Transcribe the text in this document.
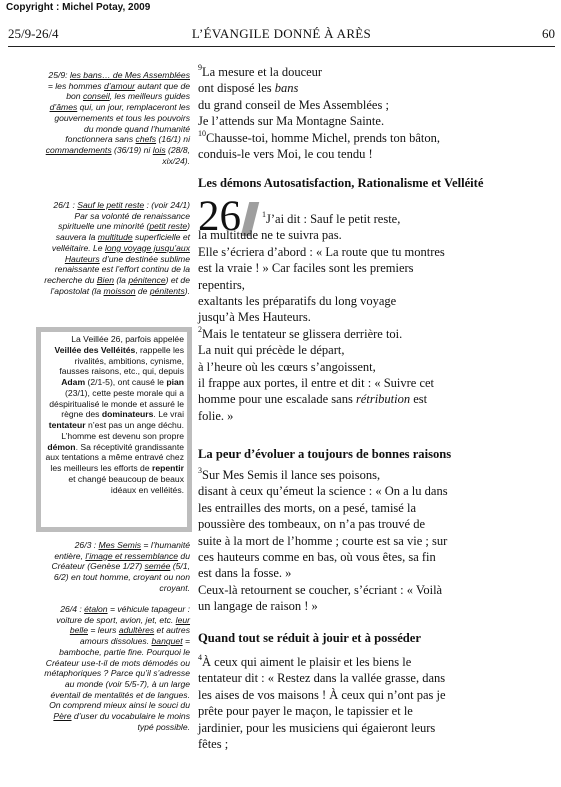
Copyright : Michel Potay, 2009
25/9-26/4	L’ÉVANGILE DONNÉ À ARÈS	60
25/9: les bans… de Mes Assemblées = les hommes d’amour autant que de bon conseil, les meilleurs guides d’âmes qui, un jour, remplaceront les gouvernements et tous les pouvoirs du monde quand l’humanité fonctionnera sans chefs (16/1) ni commandements (36/19) ni lois (28/8, xix/24).
26/1 : Sauf le petit reste : (voir 24/1) Par sa volonté de renaissance spirituelle une minorité (petit reste) sauvera la multitude superficielle et velléitaire. Le long voyage jusqu’aux Hauteurs d’une destinée sublime renaissante est l’effort continu de la recherche du Bien (la pénitence) et de l’apostolat (la moisson de pénitents).
La Veillée 26, parfois appelée Veillée des Velléités, rappelle les rivalités, ambitions, cynisme, fausses raisons, etc., qui, depuis Adam (2/1-5), ont causé le pian (23/1), cette peste morale qui a déspiritualisé le monde et assuré le règne des dominateurs. Le vrai tentateur n’est pas un ange déchu. L’homme est devenu son propre démon. Sa réceptivité grandissante aux tentations a même entravé chez les meilleurs les efforts de repentir et changé beaucoup de beaux idéaux en velléités.
26/3 : Mes Semis = l’humanité entière, l’image et ressemblance du Créateur (Genèse 1/27) semée (5/1, 6/2) en tout homme, croyant ou non croyant.
26/4 : étalon = véhicule tapageur : voiture de sport, avion, jet, etc. leur belle = leurs adultères et autres amours dissolues. banquet = bamboche, partie fine. Pourquoi le Créateur use-t-il de mots démodés ou métaphoriques ? Parce qu’il s’adresse au monde (voir 5/5-7), à un large éventail de mentalités et de langues. On comprend mieux ainsi le souci du Père d’user du vocabulaire le moins typé possible.

$^9$La mesure et la douceur

ont disposé les bans

du grand conseil de Mes Assemblées ;

Je l’attends sur Ma Montagne Sainte.

$^{10}$Chausse-toi, homme Michel, prends ton bâton,

conduis-le vers Moi, le cou tendu !

Les démons Autosatisfaction, Rationalisme et Velléité
26	$^1$J’ai dit : Sauf le petit reste,

la multitude ne te suivra pas.

Elle s’écriera d’abord : « La route que tu montres

est la vraie ! » Car faciles sont les premiers

repentirs,

exaltants les préparatifs du long voyage

jusqu’à Mes Hauteurs.

$^2$Mais le tentateur se glissera derrière toi.

La nuit qui précède le départ,

à l’heure où les cœurs s’angoissent,

il frappe aux portes, il entre et dit : « Suivre cet

homme pour une escalade sans rétribution est

folie. »

La peur d’évoluer a toujours de bonnes raisons

$^3$Sur Mes Semis il lance ses poisons,

disant à ceux qu’émeut la science : « On a lu dans

les entrailles des morts, on a pesé, tamisé la

poussière des tombeaux, on n’a pas trouvé de

suite à la mort de l’homme ; courte est sa vie ; sur

ces hauteurs comme en bas, où vous êtes, sa fin

est dans la fosse. »

Ceux-là retournent se coucher, s’écriant : « Voilà

un langage de raison ! »

Quand tout se réduit à jouir et à posséder

$^4$À ceux qui aiment le plaisir et les biens le

tentateur dit : « Restez dans la vallée grasse, dans

les aises de vos maisons ! À ceux qui n’ont pas je

prête pour payer le maçon, le tapissier et le

jardinier, pour les musiciens qui égaieront leurs

fêtes ;
